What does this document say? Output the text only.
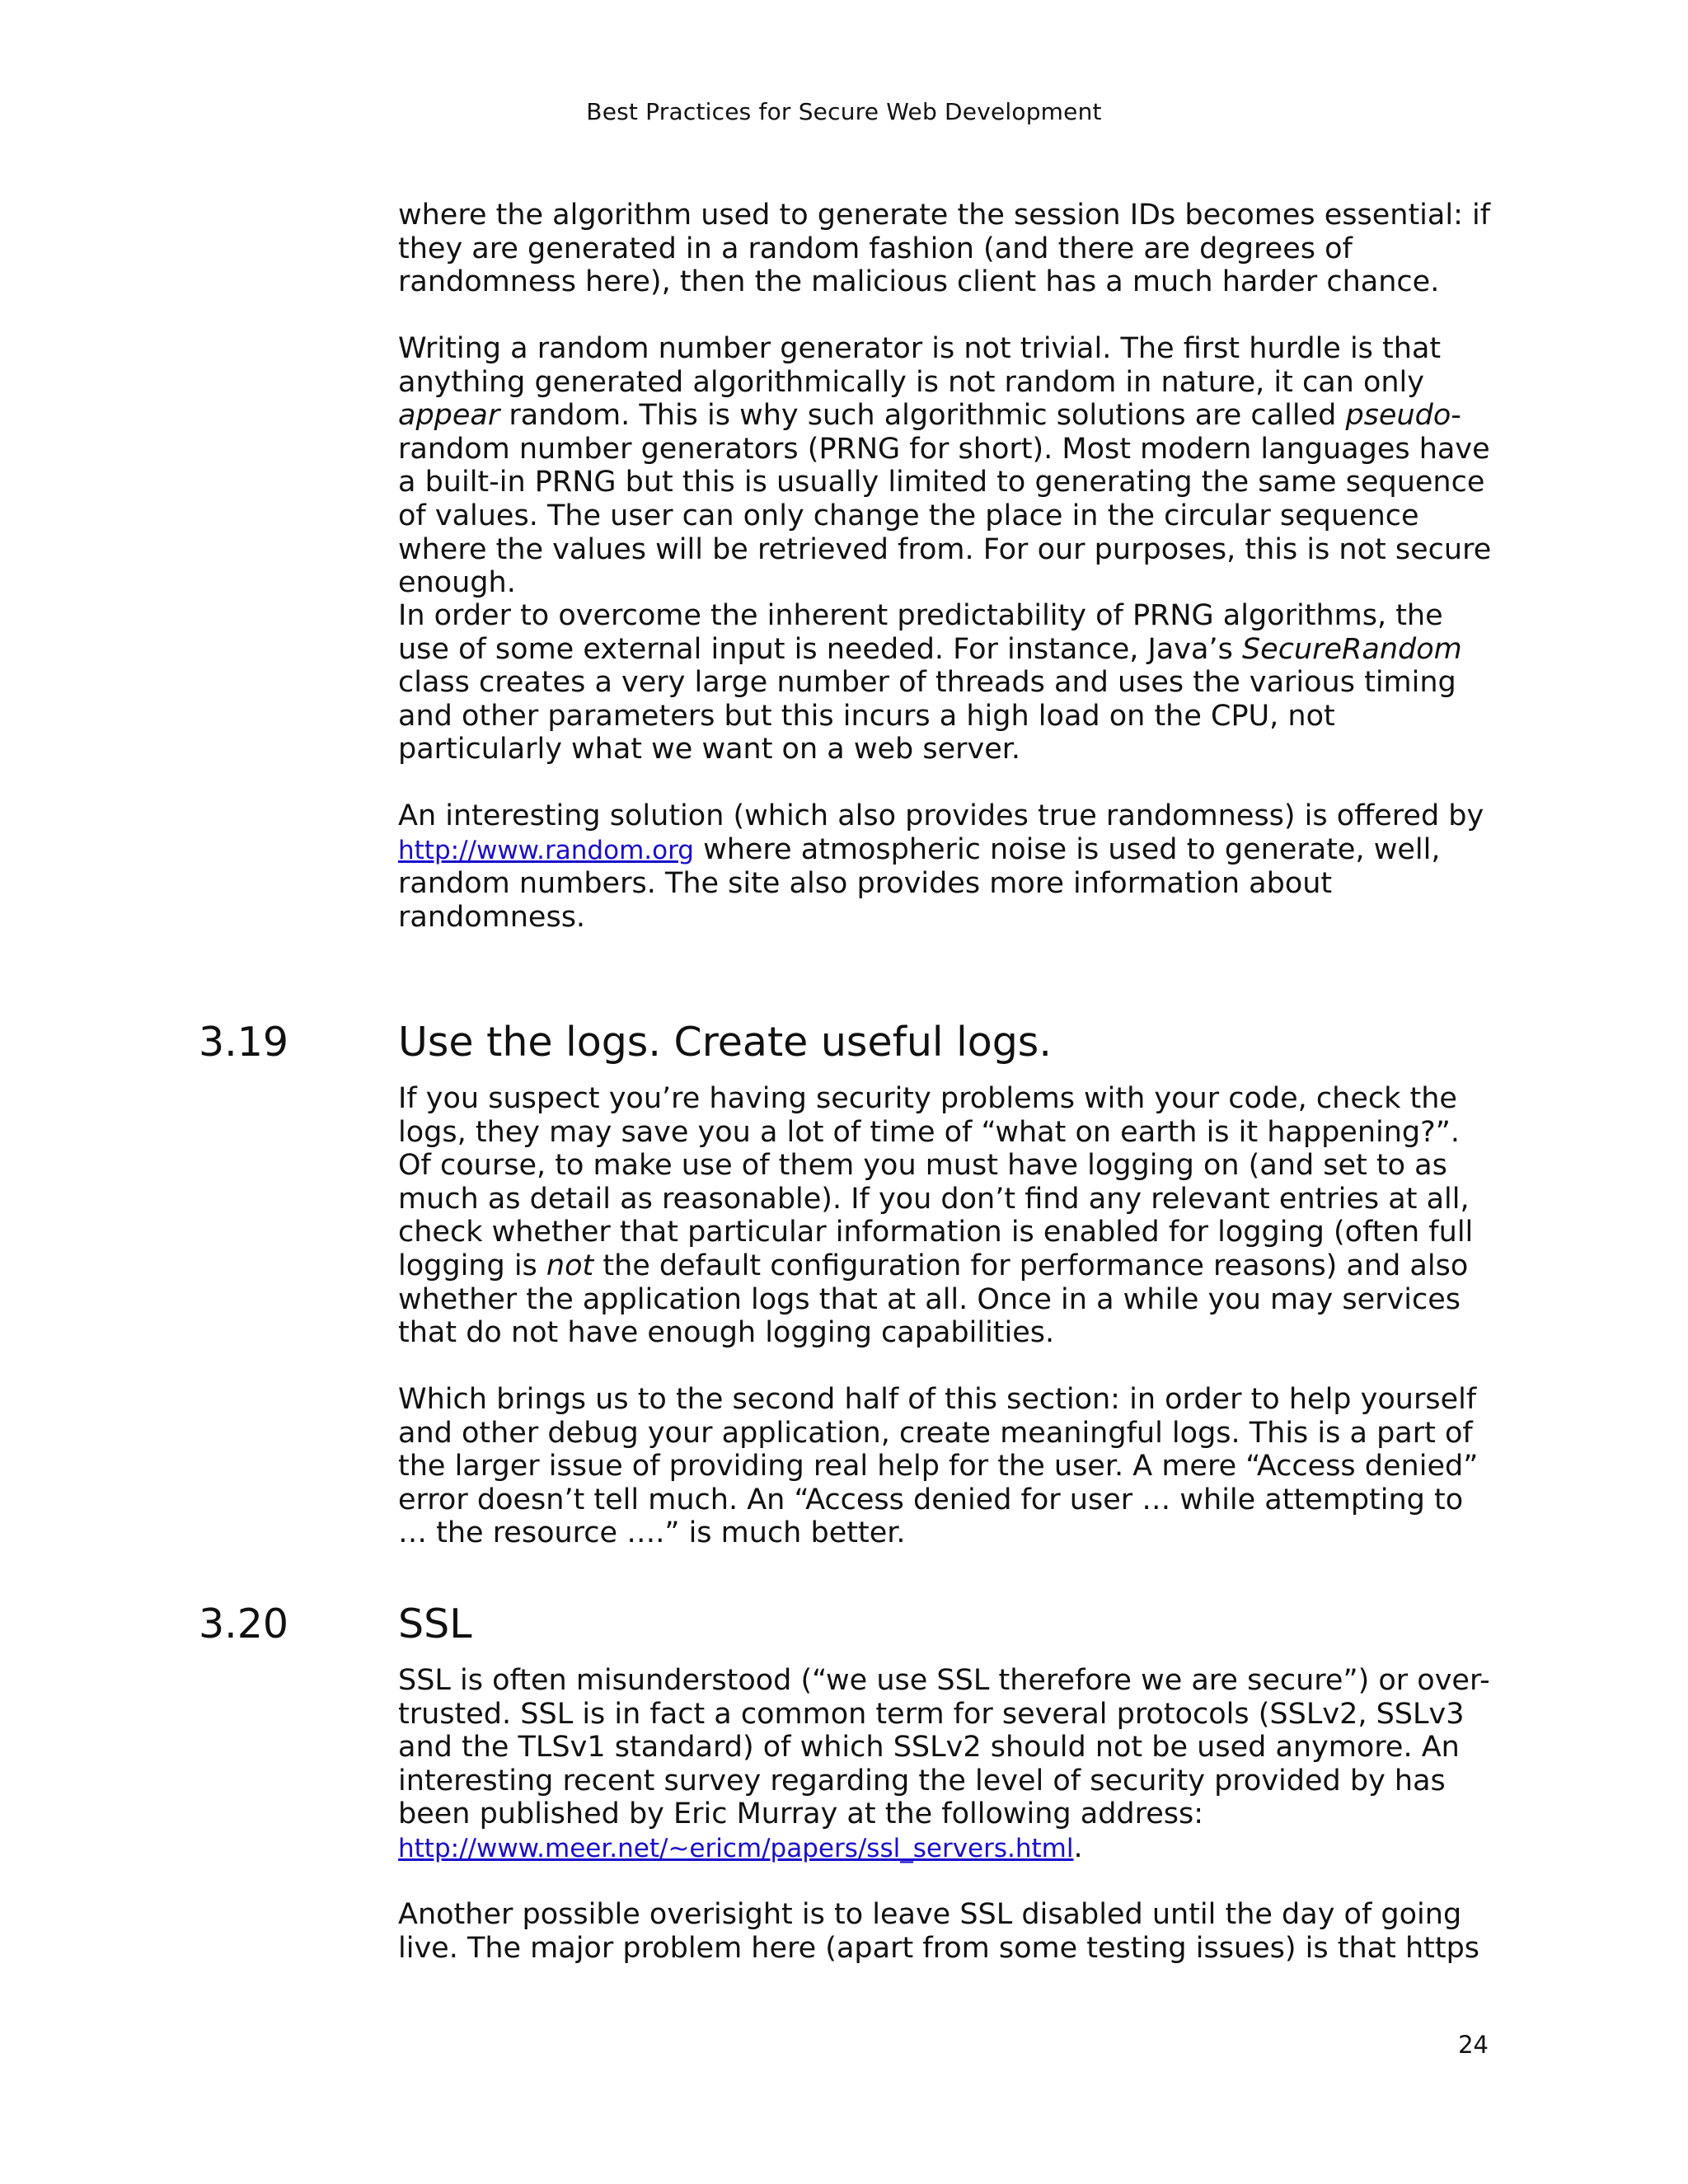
Best Practices for Secure Web Development

where the algorithm used to generate the session IDs becomes essential: if they are generated in a random fashion (and there are degrees of randomness here), then the malicious client has a much harder chance.

Writing a random number generator is not trivial. The first hurdle is that anything generated algorithmically is not random in nature, it can only appear random. This is why such algorithmic solutions are called pseudo-random number generators (PRNG for short). Most modern languages have a built-in PRNG but this is usually limited to generating the same sequence of values. The user can only change the place in the circular sequence where the values will be retrieved from. For our purposes, this is not secure enough.

In order to overcome the inherent predictability of PRNG algorithms, the use of some external input is needed. For instance, Java’s SecureRandom class creates a very large number of threads and uses the various timing and other parameters but this incurs a high load on the CPU, not particularly what we want on a web server.

An interesting solution (which also provides true randomness) is offered by http://www.random.org where atmospheric noise is used to generate, well, random numbers. The site also provides more information about randomness.

3.19	Use the logs. Create useful logs.

If you suspect you’re having security problems with your code, check the logs, they may save you a lot of time of “what on earth is it happening?”. Of course, to make use of them you must have logging on (and set to as much as detail as reasonable). If you don’t find any relevant entries at all, check whether that particular information is enabled for logging (often full logging is not the default configuration for performance reasons) and also whether the application logs that at all. Once in a while you may services that do not have enough logging capabilities.

Which brings us to the second half of this section: in order to help yourself and other debug your application, create meaningful logs. This is a part of the larger issue of providing real help for the user. A mere “Access denied” error doesn’t tell much. An “Access denied for user … while attempting to … the resource ….” is much better.

3.20	SSL

SSL is often misunderstood (“we use SSL therefore we are secure”) or over-trusted. SSL is in fact a common term for several protocols (SSLv2, SSLv3 and the TLSv1 standard) of which SSLv2 should not be used anymore. An interesting recent survey regarding the level of security provided by has been published by Eric Murray at the following address: http://www.meer.net/~ericm/papers/ssl_servers.html.

Another possible overisight is to leave SSL disabled until the day of going live. The major problem here (apart from some testing issues) is that https

24
